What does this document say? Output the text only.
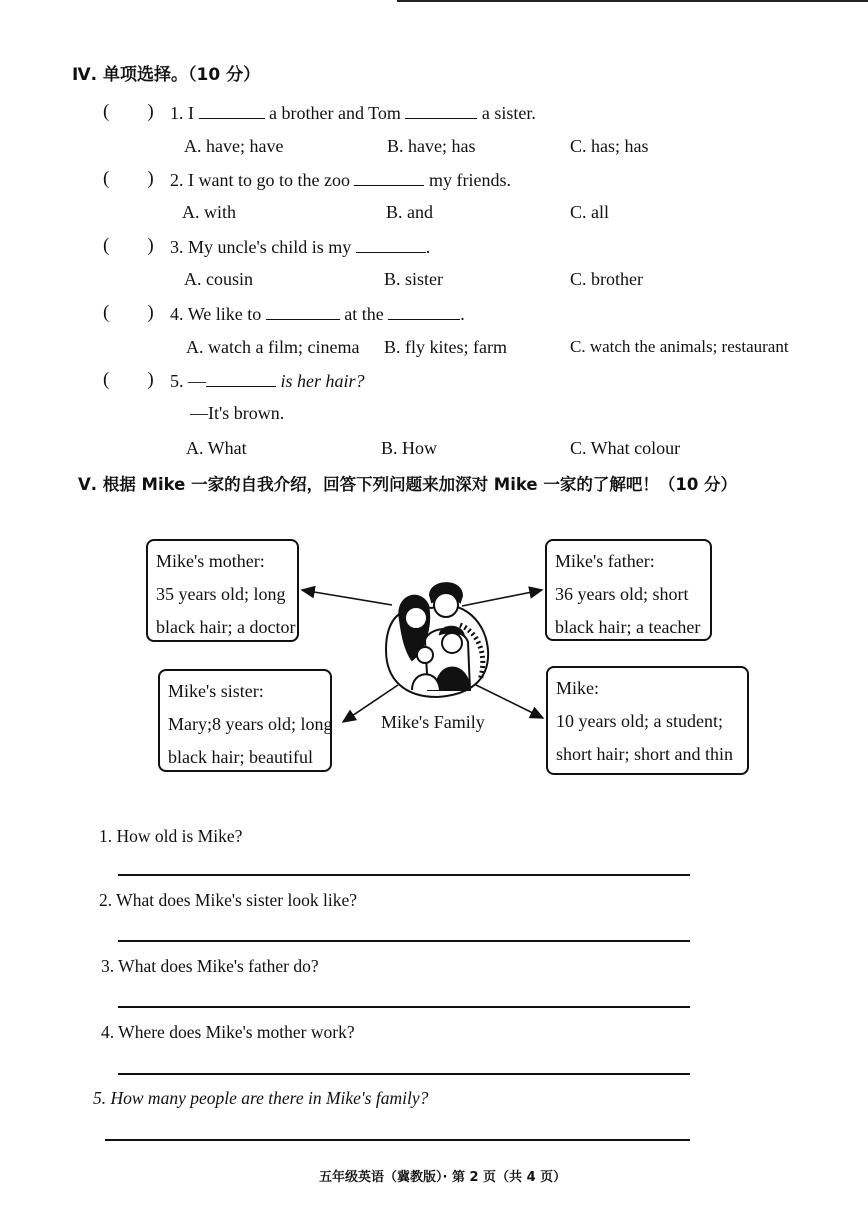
Ⅳ. 单项选择。（10 分）
(        ) 1. I	a brother and Tom	a sister.
A. have; have	B. have; has	C. has; has
(        ) 2. I want to go to the zoo	my friends.
A. with	B. and	C. all
(        ) 3. My uncle's child is my	.
A. cousin	B. sister	C. brother
(        ) 4. We like to	at the	.
A. watch a film; cinema B. fly kites; farm	C. watch the animals; restaurant
(        ) 5. —	is her hair?
—It's brown.
A. What	B. How	C. What colour
Ⅴ. 根据 Mike 一家的自我介绍，回答下列问题来加深对 Mike 一家的了解吧！（10 分）
Mike's mother:
35 years old; long
black hair; a doctor
Mike's father:
36 years old; short
black hair; a teacher
Mike's sister:
Mary;8 years old; long
black hair; beautiful
Mike:
10 years old; a student;
short hair; short and thin
Mike's Family
1. How old is Mike?
2. What does Mike's sister look like?
3. What does Mike's father do?
4. Where does Mike's mother work?
5. How many people are there in Mike's family?
五年级英语（冀教版）· 第 2 页（共 4 页）
